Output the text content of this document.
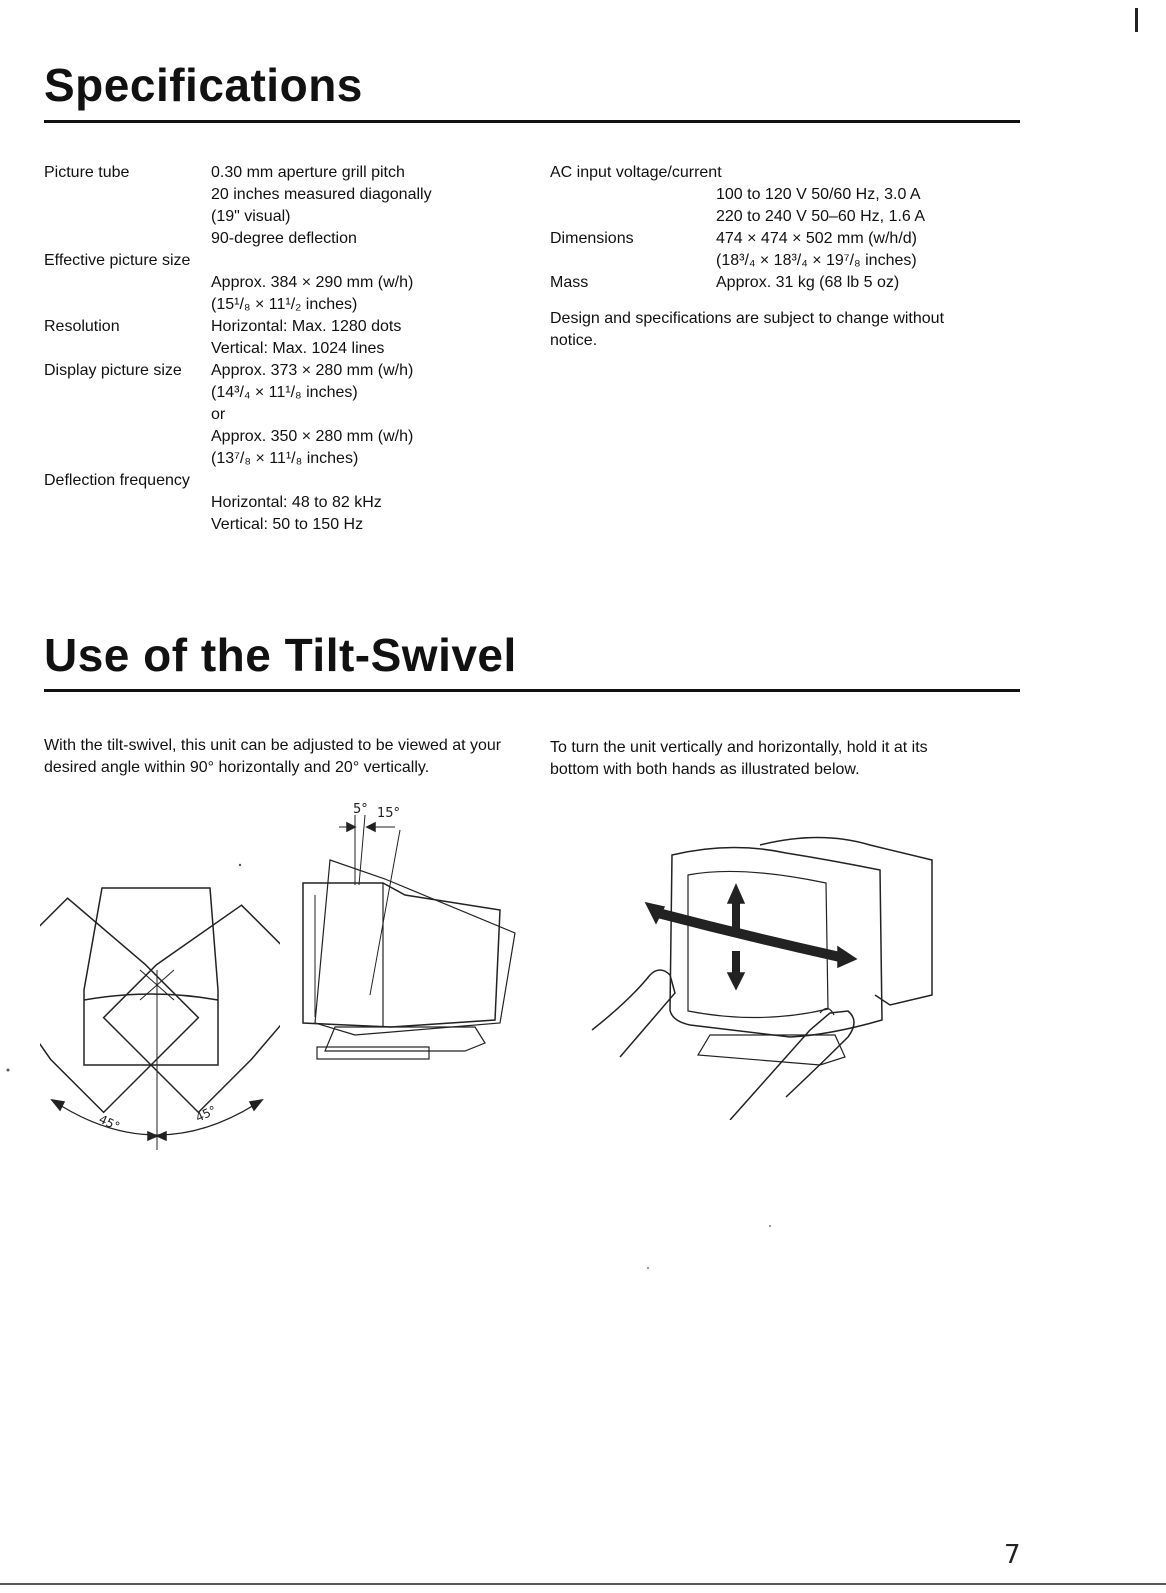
Specifications
Picture tube	0.30 mm aperture grill pitch
20 inches measured diagonally
(19" visual)
90-degree deflection
Effective picture size
Approx. 384 × 290 mm (w/h)
(15¹/₈ × 11¹/₂ inches)
Resolution	Horizontal: Max. 1280 dots
Vertical: Max. 1024 lines
Display picture size Approx. 373 × 280 mm (w/h)
(14³/₄ × 11¹/₈ inches)
or
Approx. 350 × 280 mm (w/h)
(13⁷/₈ × 11¹/₈ inches)
Deflection frequency
Horizontal: 48 to 82 kHz
Vertical: 50 to 150 Hz
AC input voltage/current
100 to 120 V 50/60 Hz, 3.0 A
220 to 240 V 50–60 Hz, 1.6 A
Dimensions	474 × 474 × 502 mm (w/h/d)
(18³/₄ × 18³/₄ × 19⁷/₈ inches)
Mass	Approx. 31 kg (68 lb 5 oz)
Design and specifications are subject to change without notice.
Use of the Tilt-Swivel

With the tilt-swivel, this unit can be adjusted to be viewed at your desired angle within 90° horizontally and 20° vertically.

To turn the unit vertically and horizontally, hold it at its bottom with both hands as illustrated below.

45°	45°
5° 15°
7
